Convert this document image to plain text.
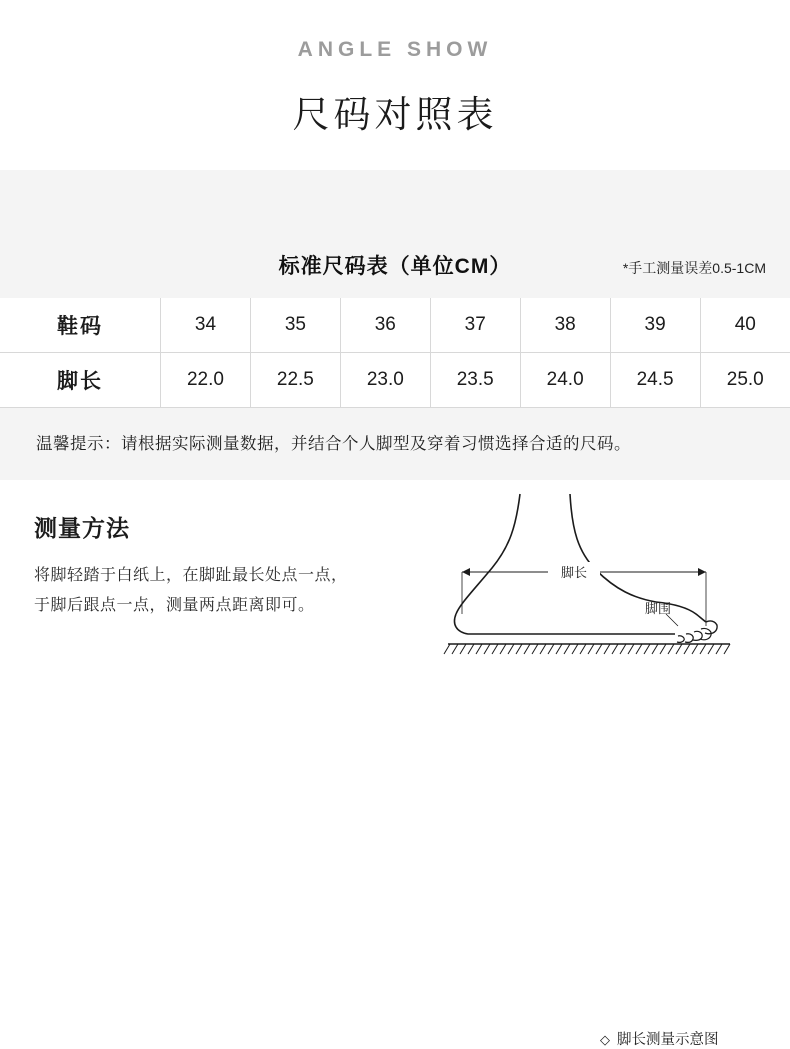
ANGLE SHOW
尺码对照表
标准尺码表（单位CM）	*手工测量误差0.5-1CM
鞋码	34	35	36	37	38	39	40
脚长	22.0	22.5	23.0	23.5	24.0	24.5	25.0
温馨提示：请根据实际测量数据，并结合个人脚型及穿着习惯选择合适的尺码。
测量方法
将脚轻踏于白纸上，在脚趾最长处点一点，
于脚后跟点一点，测量两点距离即可。
脚长
脚围
◇ 脚长测量示意图
